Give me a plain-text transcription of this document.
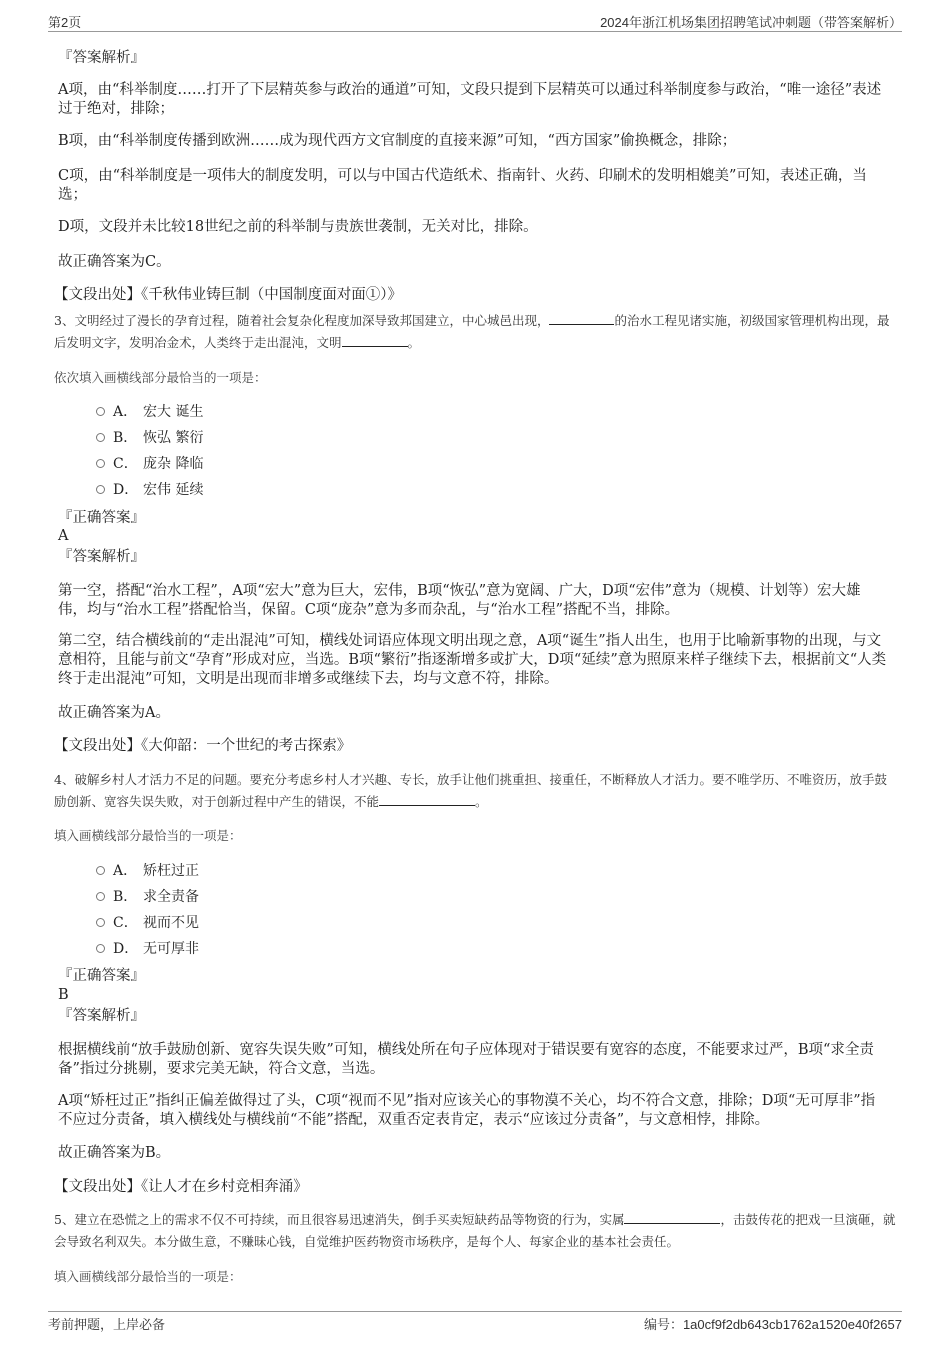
第2页	2024年浙江机场集团招聘笔试冲刺题（带答案解析）

『答案解析』

A项，由“科举制度……打开了下层精英参与政治的通道”可知，文段只提到下层精英可以通过科举制度参与政治，“唯一途径”表述过于绝对，排除；

B项，由“科举制度传播到欧洲……成为现代西方文官制度的直接来源”可知，“西方国家”偷换概念，排除；

C项，由“科举制度是一项伟大的制度发明，可以与中国古代造纸术、指南针、火药、印刷术的发明相媲美”可知，表述正确，当选；

D项，文段并未比较18世纪之前的科举制与贵族世袭制，无关对比，排除。

故正确答案为C。

【文段出处】《千秋伟业铸巨制（中国制度面对面①）》

3、文明经过了漫长的孕育过程，随着社会复杂化程度加深导致邦国建立，中心城邑出现，	的治水工程见诸实施，初级国家管理机构出现，最后发明文字，发明冶金术，人类终于走出混沌，文明	。

依次填入画横线部分最恰当的一项是：

A． 宏大 诞生
B． 恢弘 繁衍
C． 庞杂 降临
D． 宏伟 延续

『正确答案』

A

『答案解析』

第一空，搭配“治水工程”，A项“宏大”意为巨大，宏伟，B项“恢弘”意为宽阔、广大，D项“宏伟”意为（规模、计划等）宏大雄伟，均与“治水工程”搭配恰当，保留。C项“庞杂”意为多而杂乱，与“治水工程”搭配不当，排除。

第二空，结合横线前的“走出混沌”可知，横线处词语应体现文明出现之意，A项“诞生”指人出生，也用于比喻新事物的出现，与文意相符，且能与前文“孕育”形成对应，当选。B项“繁衍”指逐渐增多或扩大，D项“延续”意为照原来样子继续下去，根据前文“人类终于走出混沌”可知，文明是出现而非增多或继续下去，均与文意不符，排除。

故正确答案为A。

【文段出处】《大仰韶：一个世纪的考古探索》

4、破解乡村人才活力不足的问题。要充分考虑乡村人才兴趣、专长，放手让他们挑重担、接重任，不断释放人才活力。要不唯学历、不唯资历，放手鼓励创新、宽容失误失败，对于创新过程中产生的错误，不能	。

填入画横线部分最恰当的一项是：

A． 矫枉过正
B． 求全责备
C． 视而不见
D． 无可厚非

『正确答案』

B

『答案解析』

根据横线前“放手鼓励创新、宽容失误失败”可知，横线处所在句子应体现对于错误要有宽容的态度，不能要求过严，B项“求全责备”指过分挑剔，要求完美无缺，符合文意，当选。

A项“矫枉过正”指纠正偏差做得过了头，C项“视而不见”指对应该关心的事物漠不关心，均不符合文意，排除；D项“无可厚非”指不应过分责备，填入横线处与横线前“不能”搭配，双重否定表肯定，表示“应该过分责备”，与文意相悖，排除。

故正确答案为B。

【文段出处】《让人才在乡村竞相奔涌》

5、建立在恐慌之上的需求不仅不可持续，而且很容易迅速消失，倒手买卖短缺药品等物资的行为，实属	，击鼓传花的把戏一旦演砸，就会导致名利双失。本分做生意，不赚昧心钱，自觉维护医药物资市场秩序，是每个人、每家企业的基本社会责任。

填入画横线部分最恰当的一项是：

考前押题，上岸必备	编号：1a0cf9f2db643cb1762a1520e40f2657
